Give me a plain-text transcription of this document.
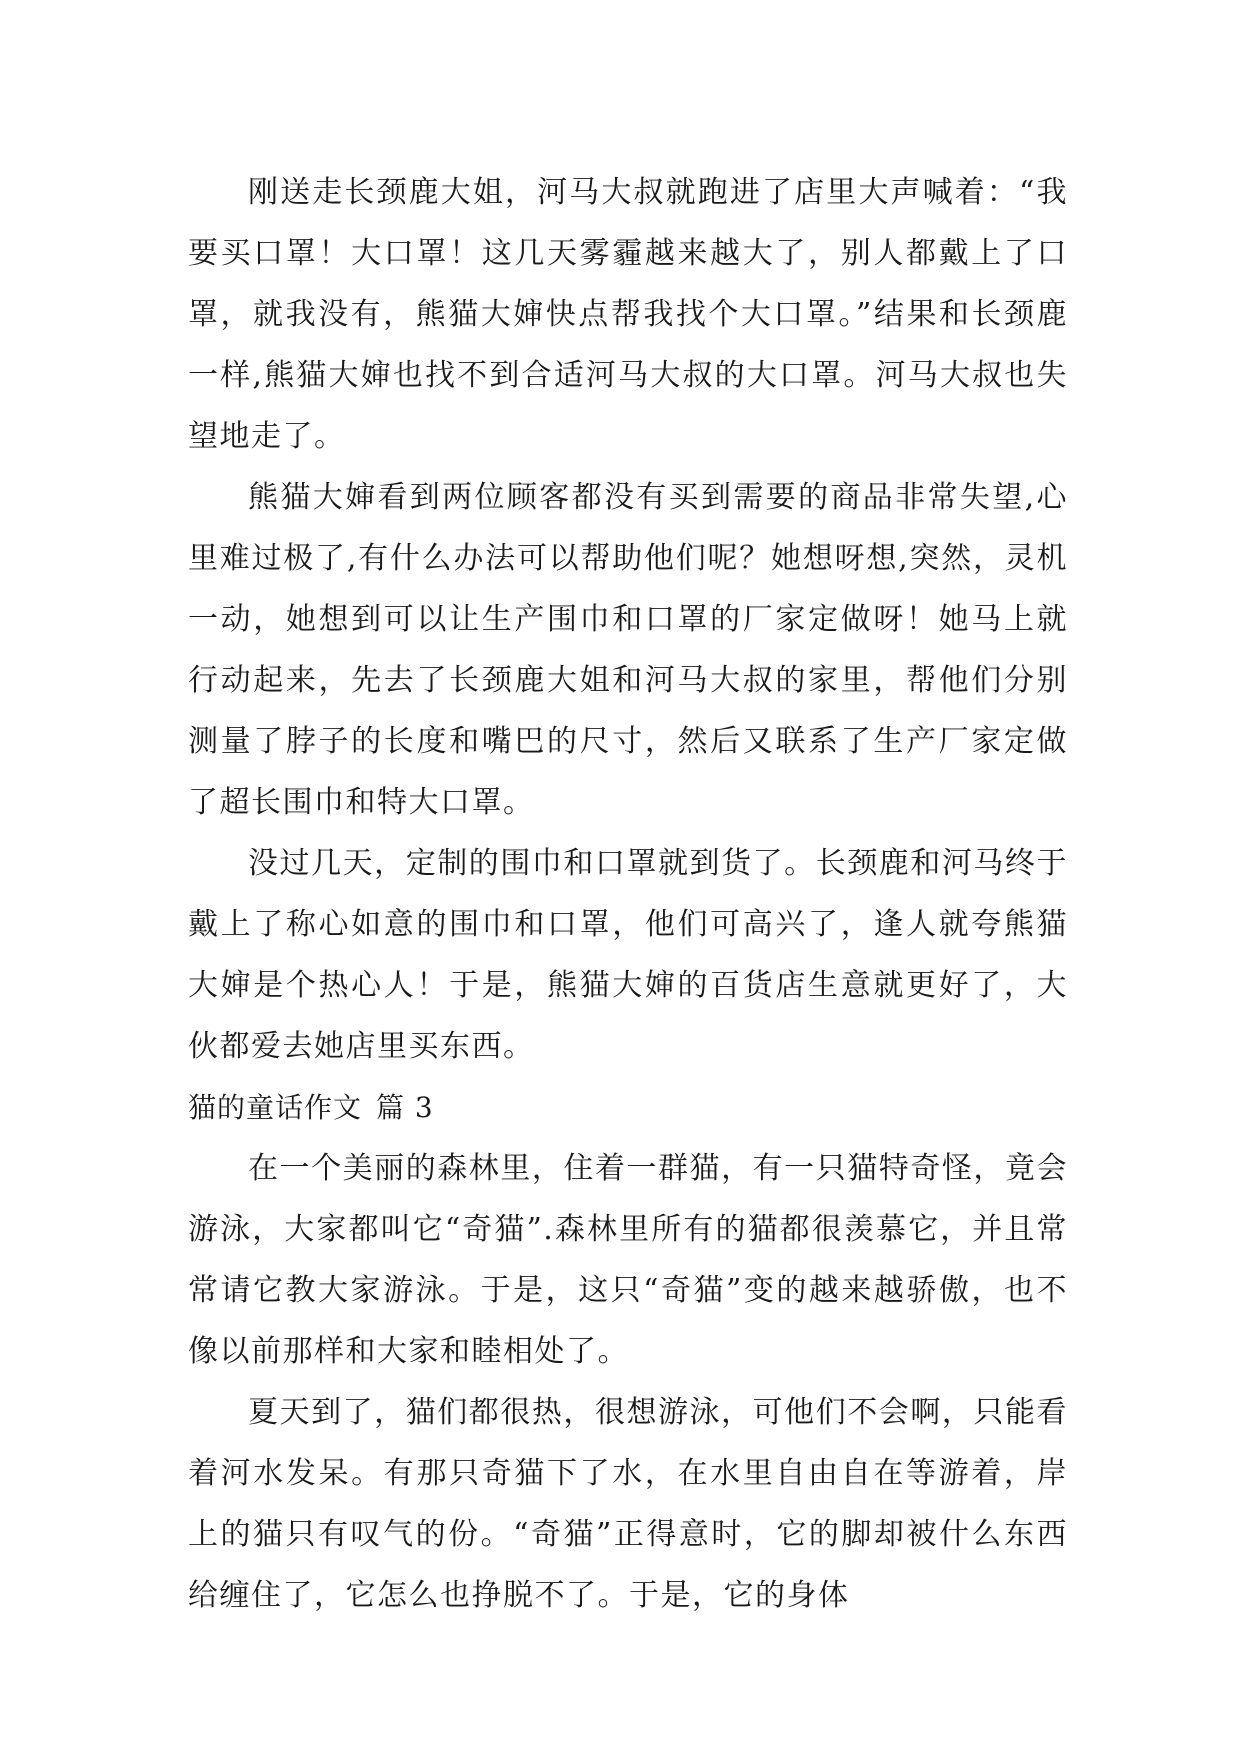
刚送走长颈鹿大姐，河马大叔就跑进了店里大声喊着：“我要买口罩！大口罩！这几天雾霾越来越大了，别人都戴上了口罩，就我没有，熊猫大婶快点帮我找个大口罩。”结果和长颈鹿一样,熊猫大婶也找不到合适河马大叔的大口罩。河马大叔也失望地走了。

熊猫大婶看到两位顾客都没有买到需要的商品非常失望,心里难过极了,有什么办法可以帮助他们呢？她想呀想,突然，灵机一动，她想到可以让生产围巾和口罩的厂家定做呀！她马上就行动起来，先去了长颈鹿大姐和河马大叔的家里，帮他们分别测量了脖子的长度和嘴巴的尺寸，然后又联系了生产厂家定做了超长围巾和特大口罩。

没过几天，定制的围巾和口罩就到货了。长颈鹿和河马终于戴上了称心如意的围巾和口罩，他们可高兴了，逢人就夸熊猫大婶是个热心人！于是，熊猫大婶的百货店生意就更好了，大伙都爱去她店里买东西。

猫的童话作文 篇 3

在一个美丽的森林里，住着一群猫，有一只猫特奇怪，竟会游泳，大家都叫它“奇猫”.森林里所有的猫都很羡慕它，并且常常请它教大家游泳。于是，这只“奇猫”变的越来越骄傲，也不像以前那样和大家和睦相处了。

夏天到了，猫们都很热，很想游泳，可他们不会啊，只能看着河水发呆。有那只奇猫下了水，在水里自由自在等游着，岸上的猫只有叹气的份。“奇猫”正得意时，它的脚却被什么东西给缠住了，它怎么也挣脱不了。于是，它的身体
